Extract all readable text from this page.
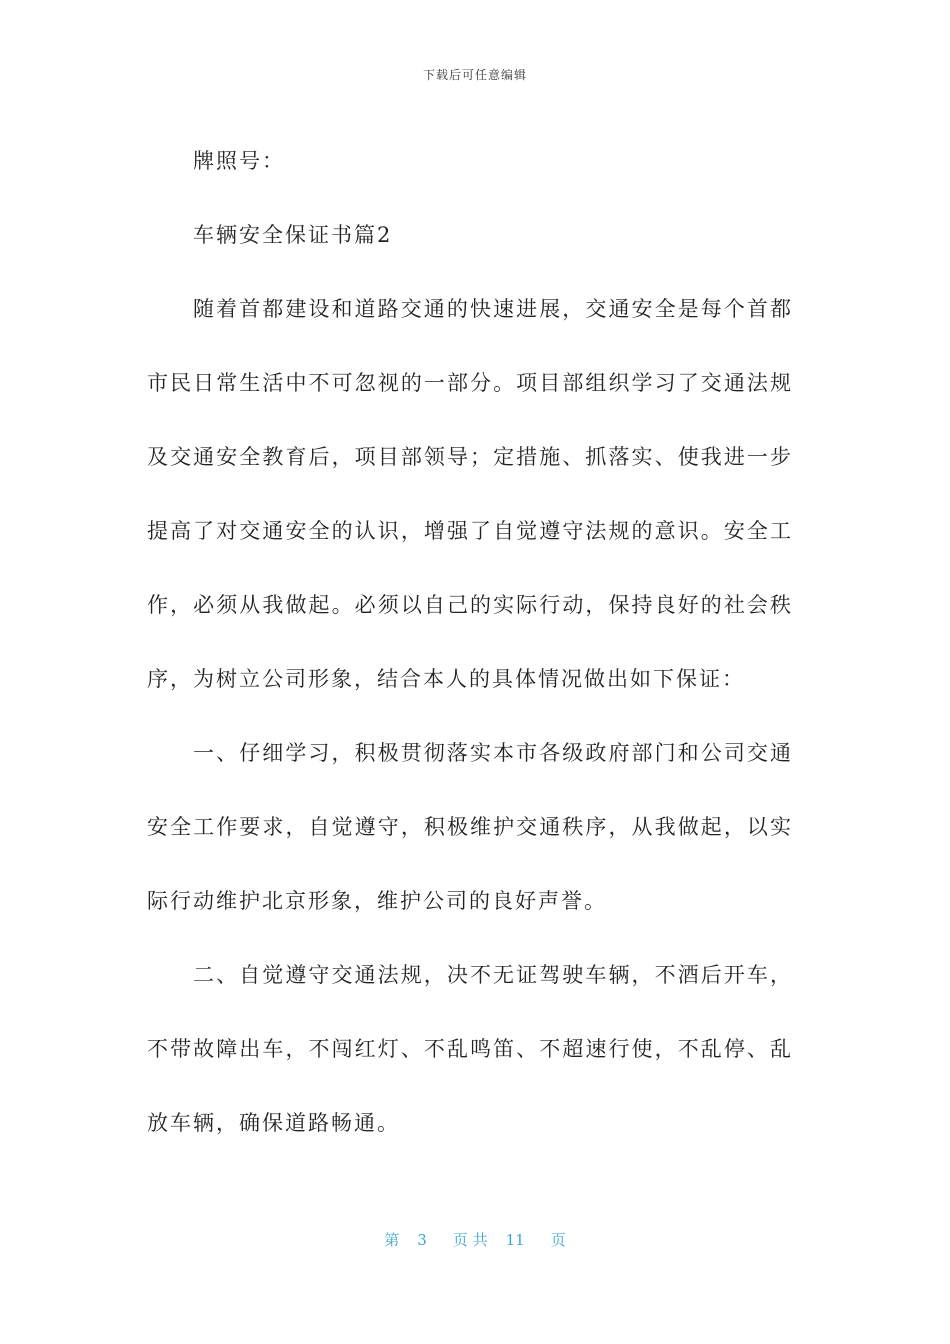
下载后可任意编辑

牌照号：

车辆安全保证书篇2

随着首都建设和道路交通的快速进展，交通安全是每个首都市民日常生活中不可忽视的一部分。项目部组织学习了交通法规及交通安全教育后，项目部领导；定措施、抓落实、使我进一步提高了对交通安全的认识，增强了自觉遵守法规的意识。安全工作，必须从我做起。必须以自己的实际行动，保持良好的社会秩序，为树立公司形象，结合本人的具体情况做出如下保证：

一、仔细学习，积极贯彻落实本市各级政府部门和公司交通安全工作要求，自觉遵守，积极维护交通秩序，从我做起，以实际行动维护北京形象，维护公司的良好声誉。

二、自觉遵守交通法规，决不无证驾驶车辆，不酒后开车，不带故障出车，不闯红灯、不乱鸣笛、不超速行使，不乱停、乱放车辆，确保道路畅通。

第 3 页 共 11 页
